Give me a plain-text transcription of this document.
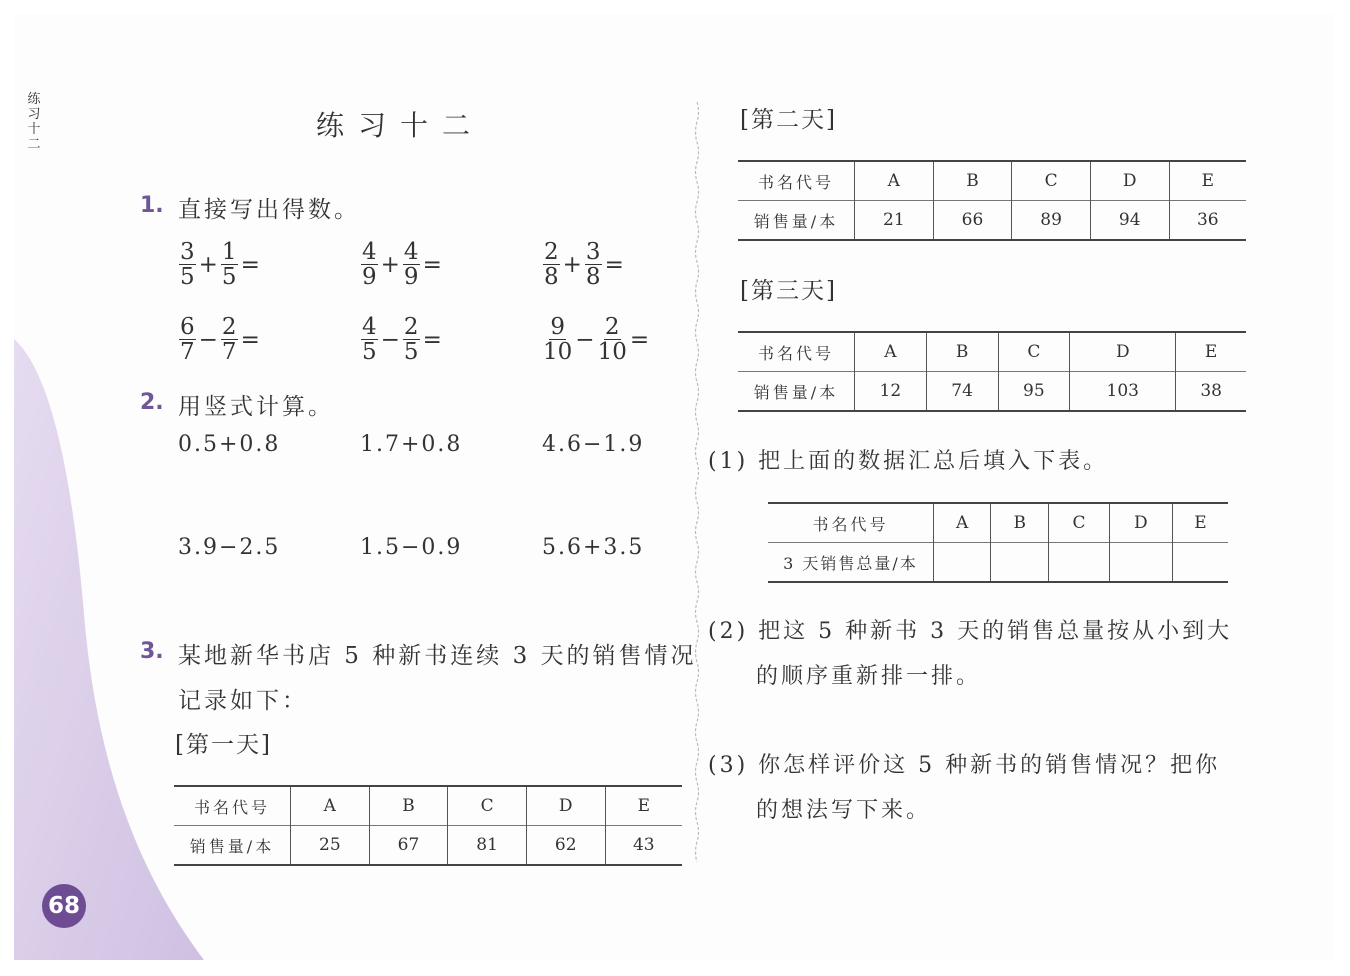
练习十二
68
练习十二
1. 直接写出得数。
$\frac{3}{5} + \frac{1}{5}$ =	$\frac{4}{9} + \frac{4}{9}$ =	$\frac{2}{8} + \frac{3}{8}$ =
$\frac{6}{7} - \frac{2}{7}$ =	$\frac{4}{5} - \frac{2}{5}$ =	$\frac{9}{10} - \frac{2}{10}$ =
2. 用竖式计算。
0.5+0.8	1.7+0.8	4.6−1.9
3.9−2.5	1.5−0.9	5.6+3.5
3. 某地新华书店 5 种新书连续 3 天的销售情况
记录如下：
[第一天]
书名代号	A	B	C	D	E
销售量/本	25	67	81	62	43
[第二天]
书名代号	A	B	C	D	E
销售量/本	21	66	89	94	36
[第三天]
书名代号	A	B	C	D	E
销售量/本	12	74	95	103	38
(1) 把上面的数据汇总后填入下表。
书名代号	A	B	C	D	E
3 天销售总量/本					
(2) 把这 5 种新书 3 天的销售总量按从小到大
的顺序重新排一排。
(3) 你怎样评价这 5 种新书的销售情况？把你
的想法写下来。
